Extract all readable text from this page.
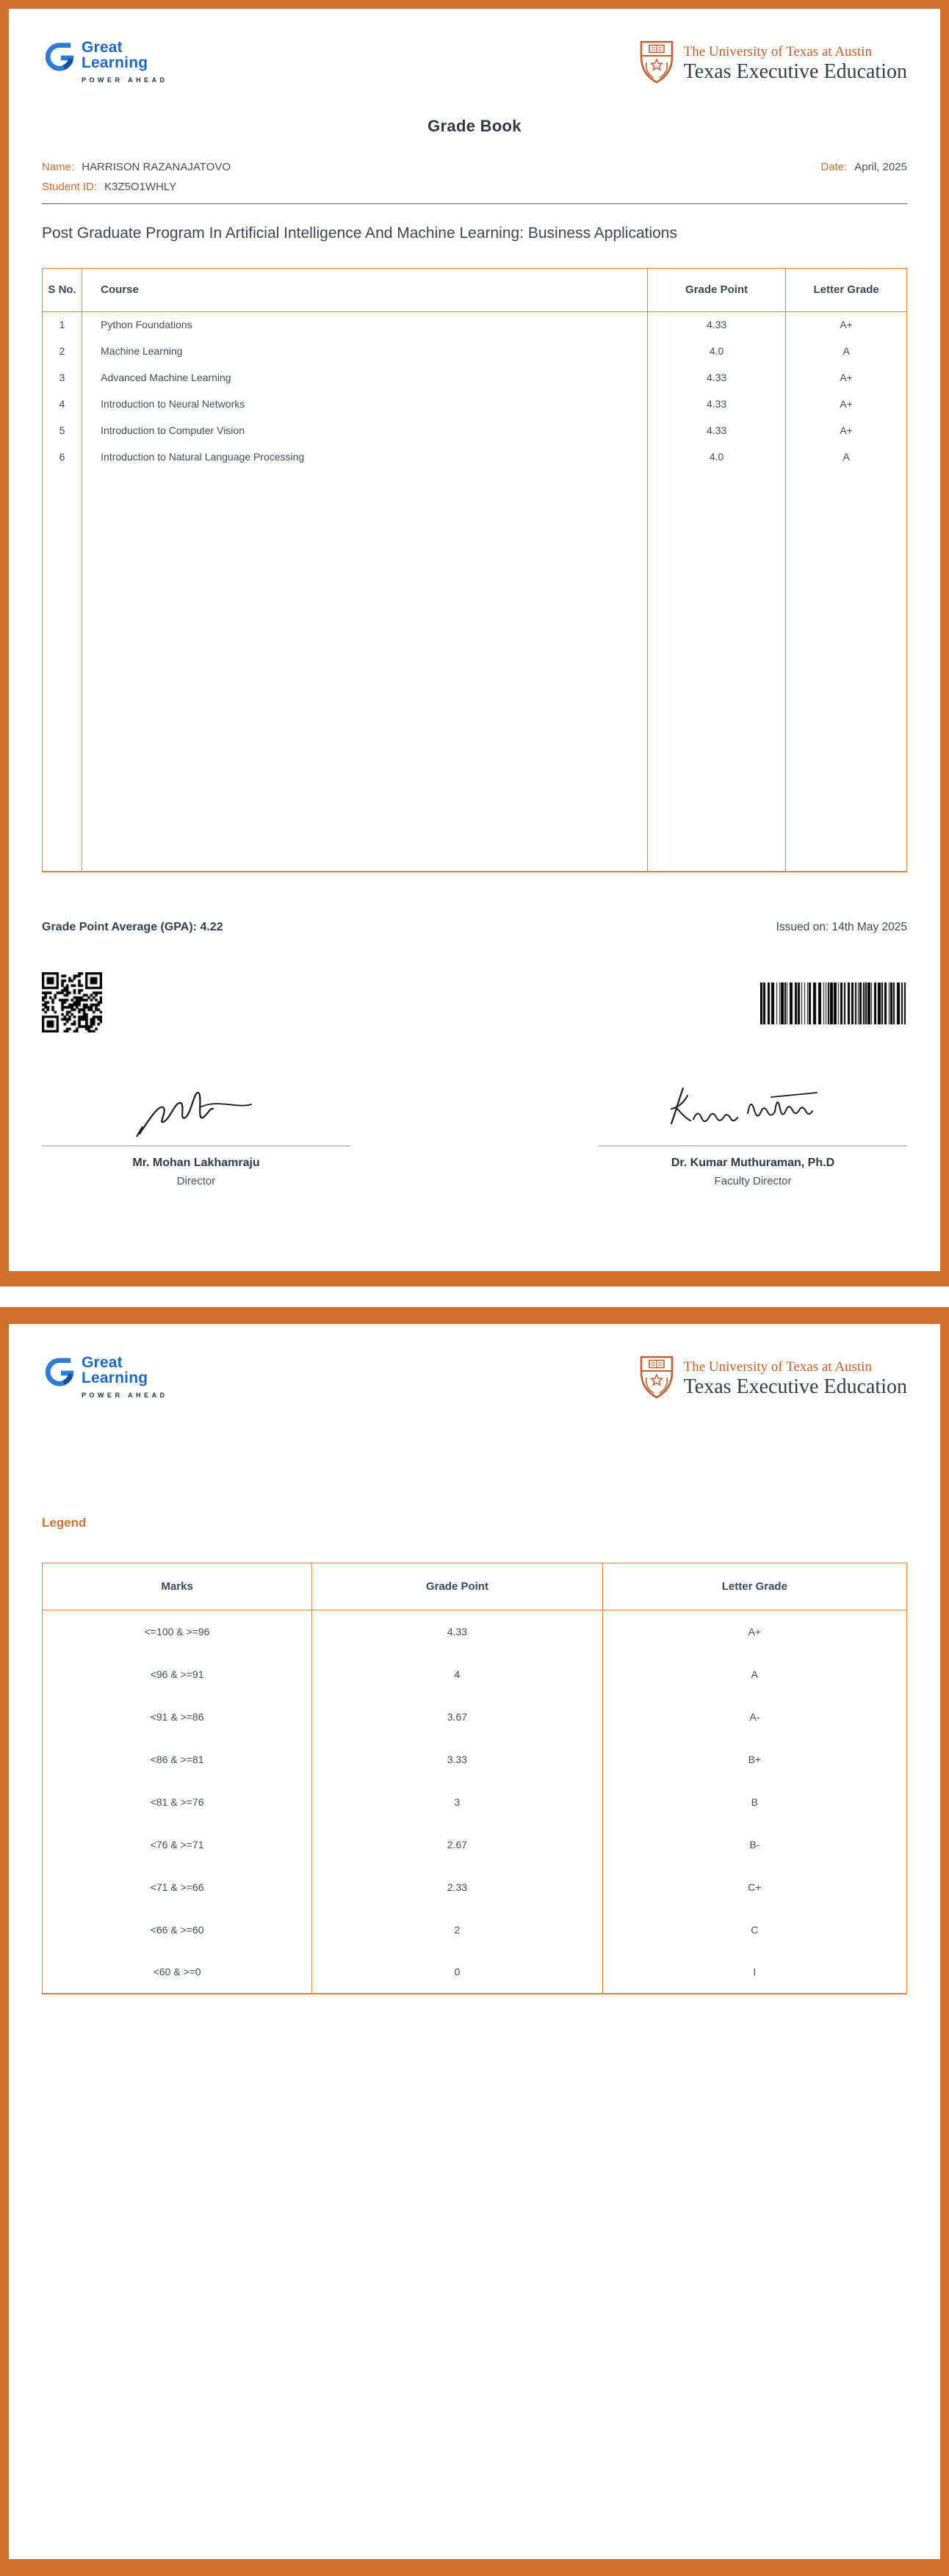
Great
Learning
POWER AHEAD
The University of Texas at Austin
Texas Executive Education
Grade Book
Name: HARRISON RAZANAJATOVO	Date: April, 2025
Student ID: K3Z5O1WHLY
Post Graduate Program In Artificial Intelligence And Machine Learning: Business Applications
S No.	Course	Grade Point	Letter Grade
1	Python Foundations	4.33	A+
2	Machine Learning	4.0	A
3	Advanced Machine Learning	4.33	A+
4	Introduction to Neural Networks	4.33	A+
5	Introduction to Computer Vision	4.33	A+
6	Introduction to Natural Language Processing	4.0	A

Grade Point Average (GPA): 4.22	Issued on: 14th May 2025
Mr. Mohan Lakhamraju
Director
Dr. Kumar Muthuraman, Ph.D
Faculty Director
Great
Learning
POWER AHEAD
The University of Texas at Austin
Texas Executive Education
Legend
Marks	Grade Point	Letter Grade
<=100 & >=96	4.33	A+
<96 & >=91	4	A
<91 & >=86	3.67	A-
<86 & >=81	3.33	B+
<81 & >=76	3	B
<76 & >=71	2.67	B-
<71 & >=66	2.33	C+
<66 & >=60	2	C
<60 & >=0	0	I
